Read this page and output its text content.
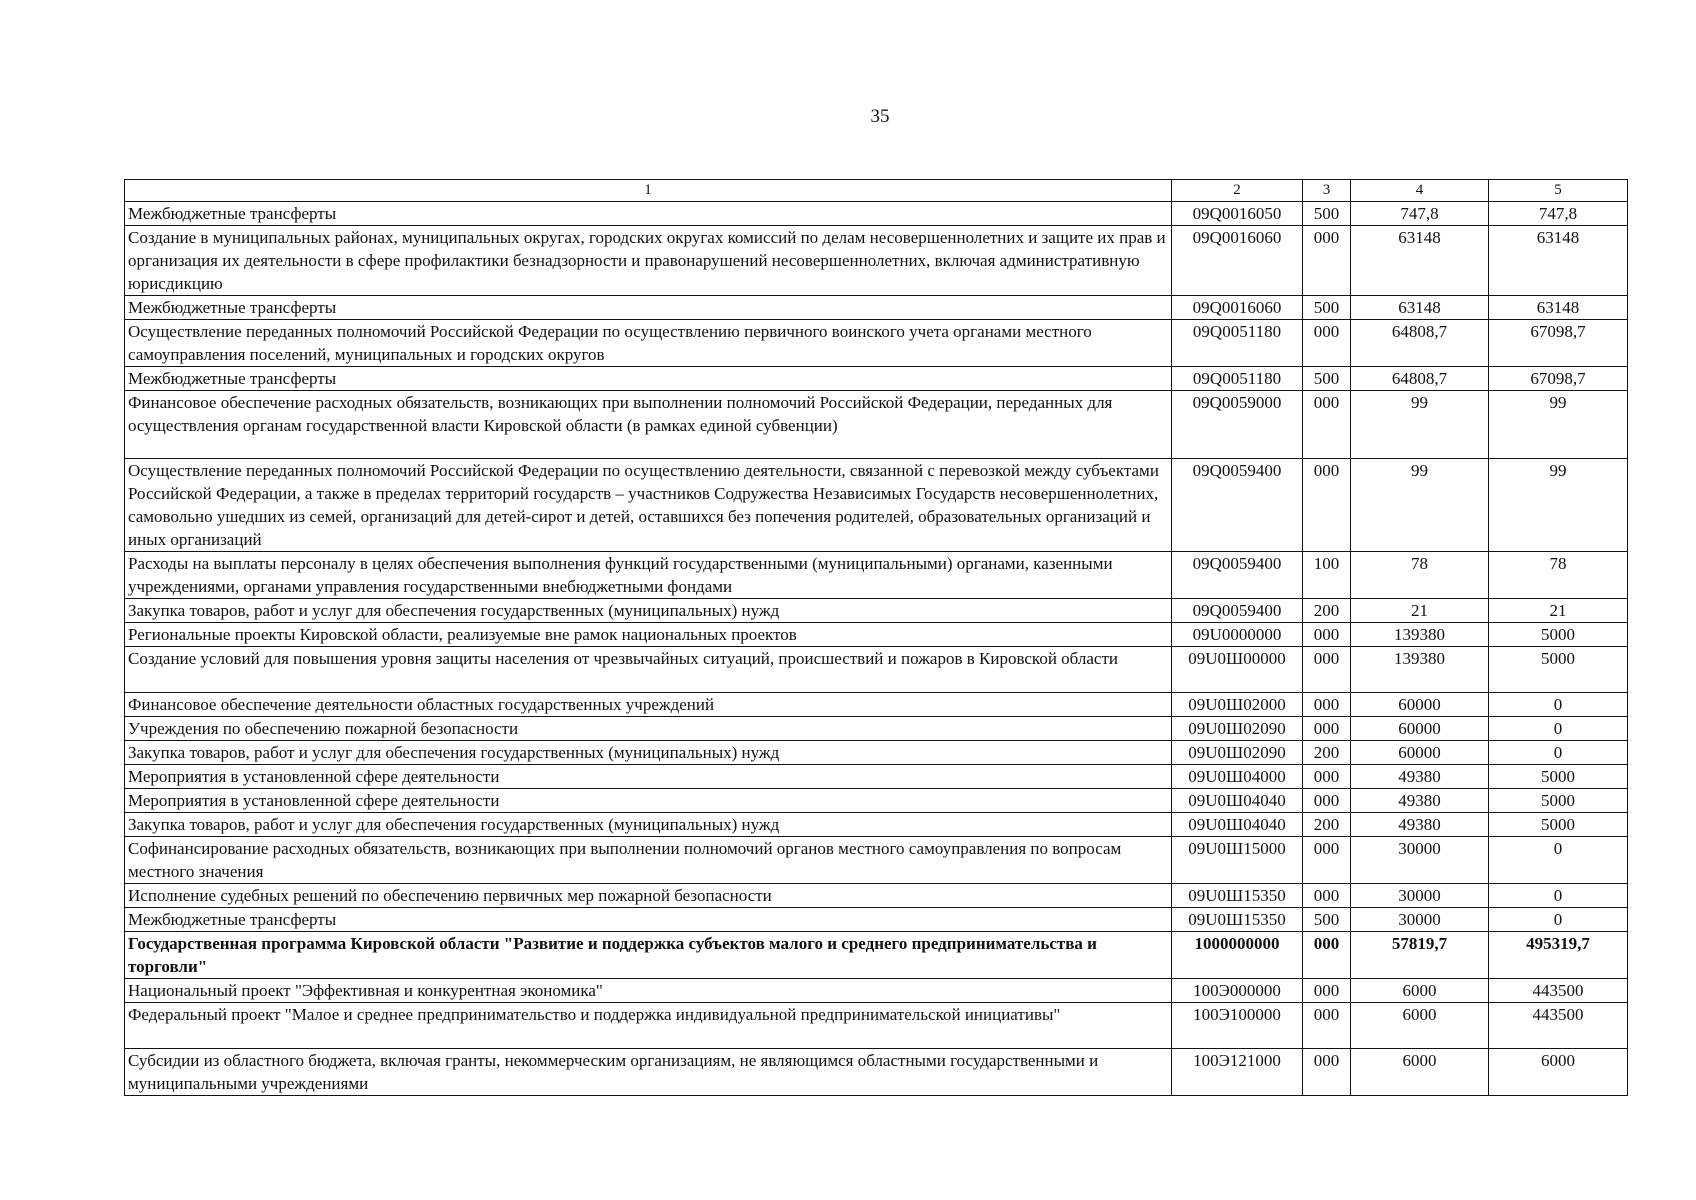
35
1	2	3	4	5
Межбюджетные трансферты	09Q0016050	500	747,8	747,8
Создание в муниципальных районах, муниципальных округах, городских округах комиссий по делам несовершеннолетних и защите их прав и организация их деятельности в сфере профилактики безнадзорности и правонарушений несовершеннолетних, включая административную юрисдикцию	09Q0016060	000	63148	63148
Межбюджетные трансферты	09Q0016060	500	63148	63148
Осуществление переданных полномочий Российской Федерации по осуществлению первичного воинского учета органами местного самоуправления поселений, муниципальных и городских округов	09Q0051180	000	64808,7	67098,7
Межбюджетные трансферты	09Q0051180	500	64808,7	67098,7
Финансовое обеспечение расходных обязательств, возникающих при выполнении полномочий Российской Федерации, переданных для осуществления органам государственной власти Кировской области (в рамках единой субвенции)	09Q0059000	000	99	99
Осуществление переданных полномочий Российской Федерации по осуществлению деятельности, связанной с перевозкой между субъектами Российской Федерации, а также в пределах территорий государств – участников Содружества Независимых Государств несовершеннолетних, самовольно ушедших из семей, организаций для детей-сирот и детей, оставшихся без попечения родителей, образовательных организаций и иных организаций	09Q0059400	000	99	99
Расходы на выплаты персоналу в целях обеспечения выполнения функций государственными (муниципальными) органами, казенными учреждениями, органами управления государственными внебюджетными фондами	09Q0059400	100	78	78
Закупка товаров, работ и услуг для обеспечения государственных (муниципальных) нужд	09Q0059400	200	21	21
Региональные проекты Кировской области, реализуемые вне рамок национальных проектов	09U0000000	000	139380	5000
Создание условий для повышения уровня защиты населения от чрезвычайных ситуаций, происшествий и пожаров в Кировской области	09U0Ш00000	000	139380	5000
Финансовое обеспечение деятельности областных государственных учреждений	09U0Ш02000	000	60000	0
Учреждения по обеспечению пожарной безопасности	09U0Ш02090	000	60000	0
Закупка товаров, работ и услуг для обеспечения государственных (муниципальных) нужд	09U0Ш02090	200	60000	0
Мероприятия в установленной сфере деятельности	09U0Ш04000	000	49380	5000
Мероприятия в установленной сфере деятельности	09U0Ш04040	000	49380	5000
Закупка товаров, работ и услуг для обеспечения государственных (муниципальных) нужд	09U0Ш04040	200	49380	5000
Софинансирование расходных обязательств, возникающих при выполнении полномочий органов местного самоуправления по вопросам местного значения	09U0Ш15000	000	30000	0
Исполнение судебных решений по обеспечению первичных мер пожарной безопасности	09U0Ш15350	000	30000	0
Межбюджетные трансферты	09U0Ш15350	500	30000	0
Государственная программа Кировской области "Развитие и поддержка субъектов малого и среднего предпринимательства и торговли"	1000000000	000	57819,7	495319,7
Национальный проект "Эффективная и конкурентная экономика"	100Э000000	000	6000	443500
Федеральный проект "Малое и среднее предпринимательство и поддержка индивидуальной предпринимательской инициативы"	100Э100000	000	6000	443500
Субсидии из областного бюджета, включая гранты, некоммерческим организациям, не являющимся областными государственными и муниципальными учреждениями	100Э121000	000	6000	6000
